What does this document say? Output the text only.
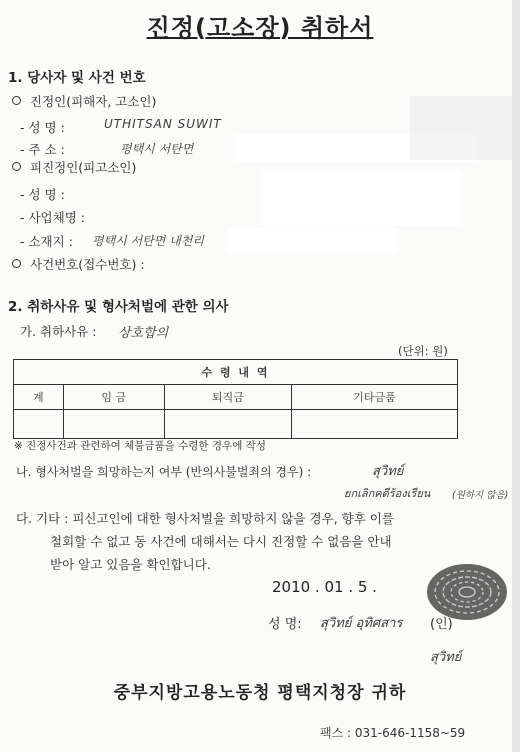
진정(고소장) 취하서
1. 당사자 및 사건 번호
진정인(피해자, 고소인)
- 성 명 :	UTHITSAN SUWIT
- 주 소 :	평택시 서탄면
피진정인(피고소인)
- 성 명 :
- 사업체명 :
- 소재지 : 평택시 서탄면 내천리
사건번호(접수번호) :
2. 취하사유 및 형사처벌에 관한 의사
가. 취하사유 : 상호합의
(단위: 원)
수 령 내 역			
계	임 금	퇴직금	기타금품

※ 진정사건과 관련하여 체불금품을 수령한 경우에 작성
나. 형사처벌을 희망하는지 여부 (반의사불벌죄의 경우) :	สุวิทย์
ยกเลิกคดีร้องเรียน (원하지 않음)
다. 기타 : 피신고인에 대한 형사처벌을 희망하지 않을 경우, 향후 이를
철회할 수 없고 동 사건에 대해서는 다시 진정할 수 없음을 안내
받아 알고 있음을 확인합니다.
2010 . 01 . 5 .
성 명: สุวิทย์ อุทิศสาร (인)
สุวิทย์
중부지방고용노동청 평택지청장 귀하
팩스 : 031-646-1158~59
